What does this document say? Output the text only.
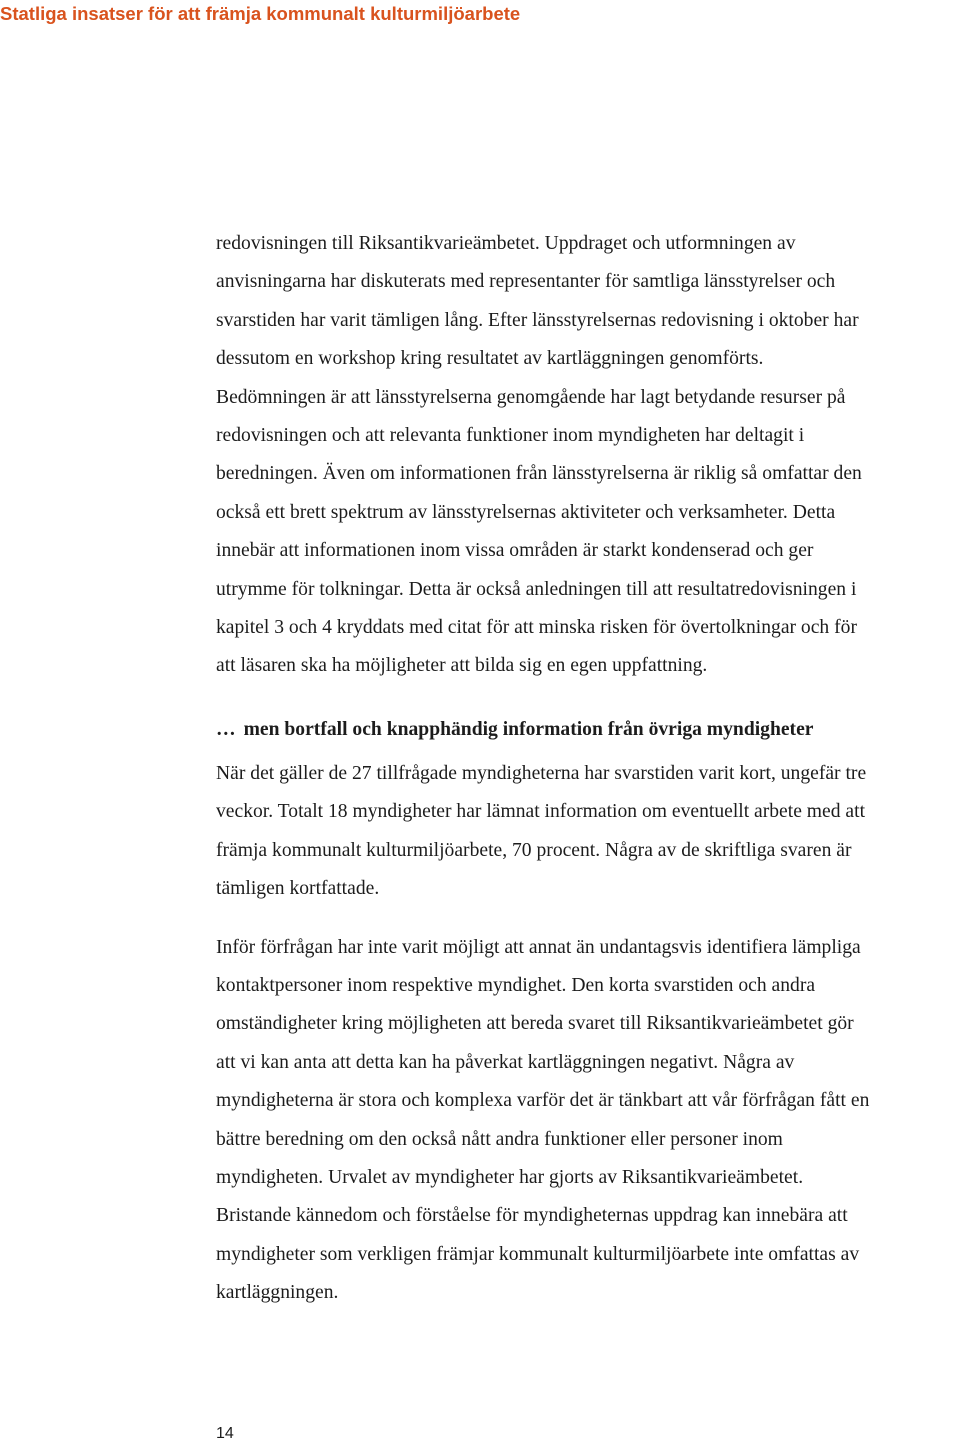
Statliga insatser för att främja kommunalt kulturmiljöarbete

redovisningen till Riksantikvarieämbetet. Uppdraget och utformningen av
anvisningarna har diskuterats med representanter för samtliga länsstyrelser och
svarstiden har varit tämligen lång. Efter länsstyrelsernas redovisning i oktober har
dessutom en workshop kring resultatet av kartläggningen genomförts.
Bedömningen är att länsstyrelserna genomgående har lagt betydande resurser på
redovisningen och att relevanta funktioner inom myndigheten har deltagit i
beredningen. Även om informationen från länsstyrelserna är riklig så omfattar den
också ett brett spektrum av länsstyrelsernas aktiviteter och verksamheter. Detta
innebär att informationen inom vissa områden är starkt kondenserad och ger
utrymme för tolkningar. Detta är också anledningen till att resultatredovisningen i
kapitel 3 och 4 kryddats med citat för att minska risken för övertolkningar och för
att läsaren ska ha möjligheter att bilda sig en egen uppfattning.

… men bortfall och knapphändig information från övriga myndigheter

När det gäller de 27 tillfrågade myndigheterna har svarstiden varit kort, ungefär tre
veckor. Totalt 18 myndigheter har lämnat information om eventuellt arbete med att
främja kommunalt kulturmiljöarbete, 70 procent. Några av de skriftliga svaren är
tämligen kortfattade.

Inför förfrågan har inte varit möjligt att annat än undantagsvis identifiera lämpliga
kontaktpersoner inom respektive myndighet. Den korta svarstiden och andra
omständigheter kring möjligheten att bereda svaret till Riksantikvarieämbetet gör
att vi kan anta att detta kan ha påverkat kartläggningen negativt. Några av
myndigheterna är stora och komplexa varför det är tänkbart att vår förfrågan fått en
bättre beredning om den också nått andra funktioner eller personer inom
myndigheten. Urvalet av myndigheter har gjorts av Riksantikvarieämbetet.
Bristande kännedom och förståelse för myndigheternas uppdrag kan innebära att
myndigheter som verkligen främjar kommunalt kulturmiljöarbete inte omfattas av
kartläggningen.

14
